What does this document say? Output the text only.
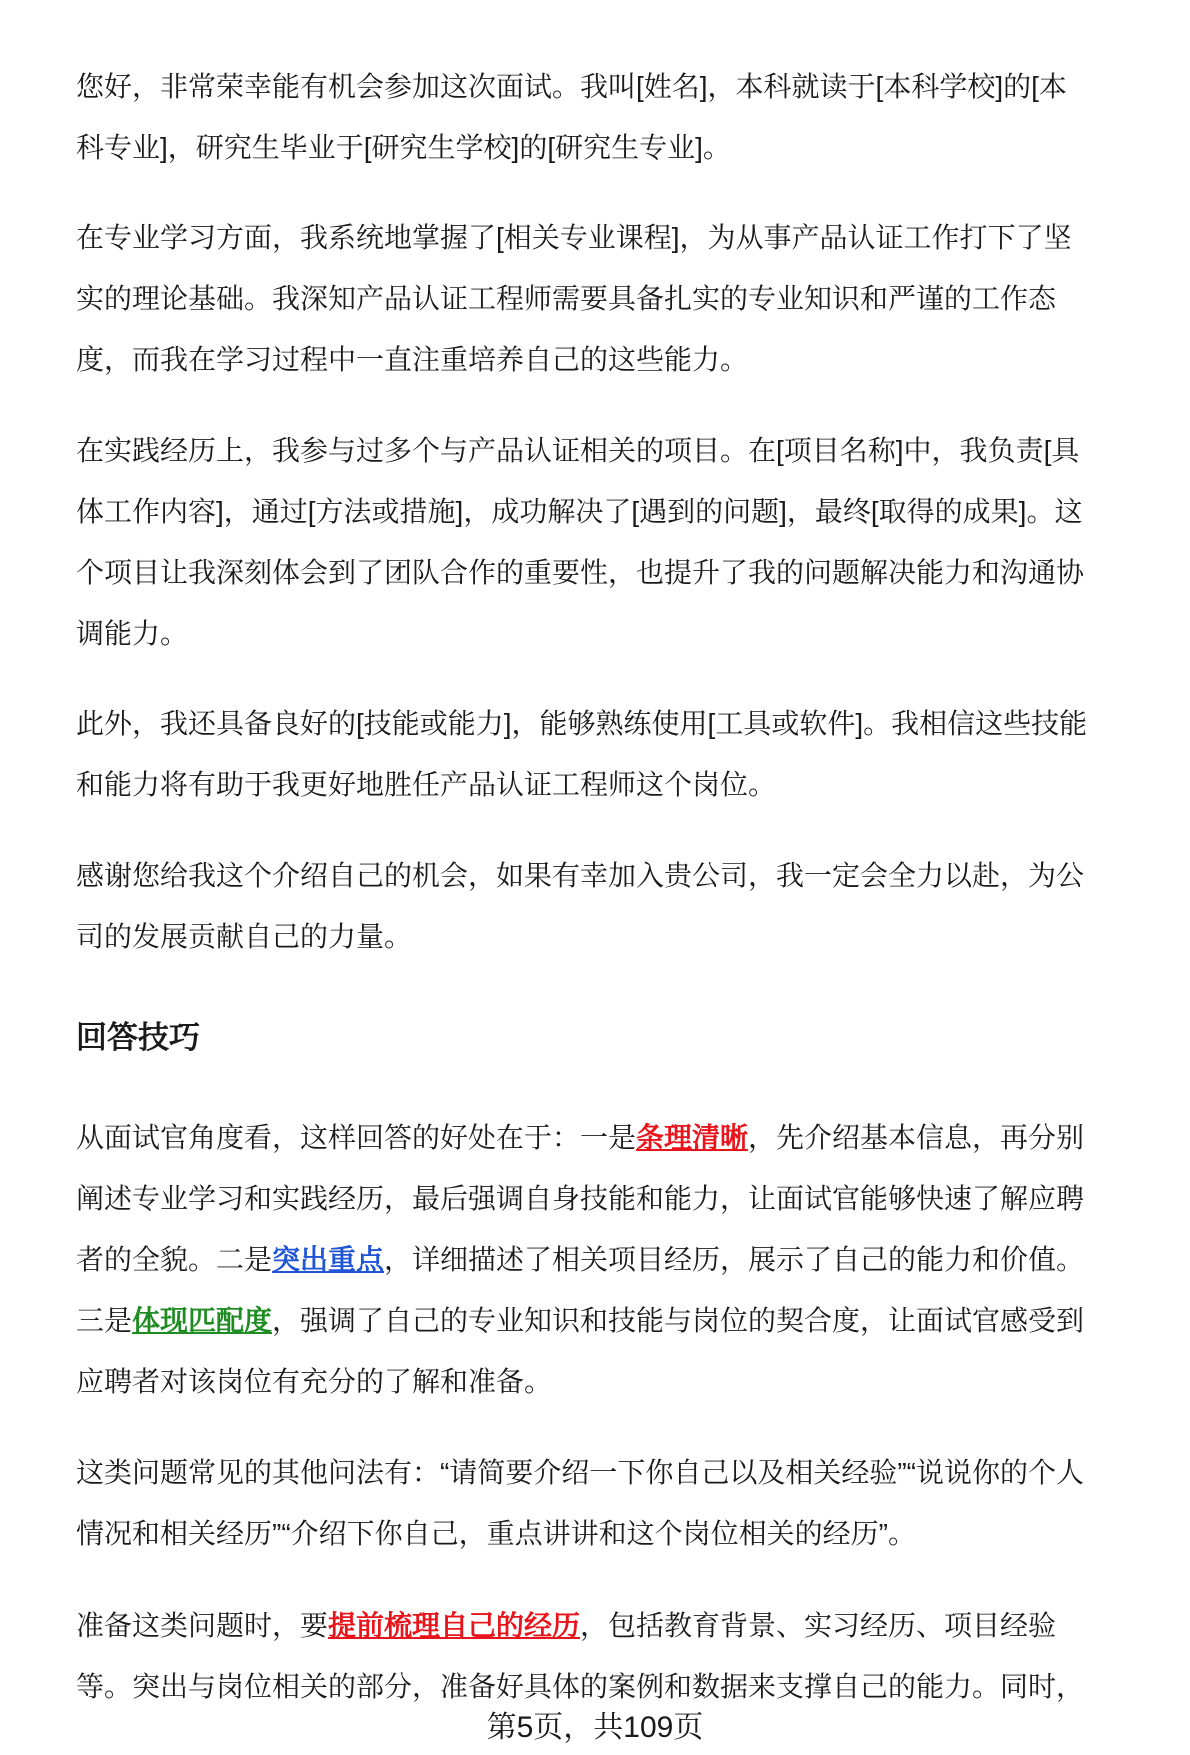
您好，非常荣幸能有机会参加这次面试。我叫[姓名]，本科就读于[本科学校]的[本
科专业]，研究生毕业于[研究生学校]的[研究生专业]。
在专业学习方面，我系统地掌握了[相关专业课程]，为从事产品认证工作打下了坚
实的理论基础。我深知产品认证工程师需要具备扎实的专业知识和严谨的工作态
度，而我在学习过程中一直注重培养自己的这些能力。
在实践经历上，我参与过多个与产品认证相关的项目。在[项目名称]中，我负责[具
体工作内容]，通过[方法或措施]，成功解决了[遇到的问题]，最终[取得的成果]。这
个项目让我深刻体会到了团队合作的重要性，也提升了我的问题解决能力和沟通协
调能力。
此外，我还具备良好的[技能或能力]，能够熟练使用[工具或软件]。我相信这些技能
和能力将有助于我更好地胜任产品认证工程师这个岗位。
感谢您给我这个介绍自己的机会，如果有幸加入贵公司，我一定会全力以赴，为公
司的发展贡献自己的力量。
回答技巧
从面试官角度看，这样回答的好处在于：一是条理清晰，先介绍基本信息，再分别
阐述专业学习和实践经历，最后强调自身技能和能力，让面试官能够快速了解应聘
者的全貌。二是突出重点，详细描述了相关项目经历，展示了自己的能力和价值。
三是体现匹配度，强调了自己的专业知识和技能与岗位的契合度，让面试官感受到
应聘者对该岗位有充分的了解和准备。
这类问题常见的其他问法有：“请简要介绍一下你自己以及相关经验”“说说你的个人
情况和相关经历”“介绍下你自己，重点讲讲和这个岗位相关的经历”。
准备这类问题时，要提前梳理自己的经历，包括教育背景、实习经历、项目经验
等。突出与岗位相关的部分，准备好具体的案例和数据来支撑自己的能力。同时，
第5页，共109页
